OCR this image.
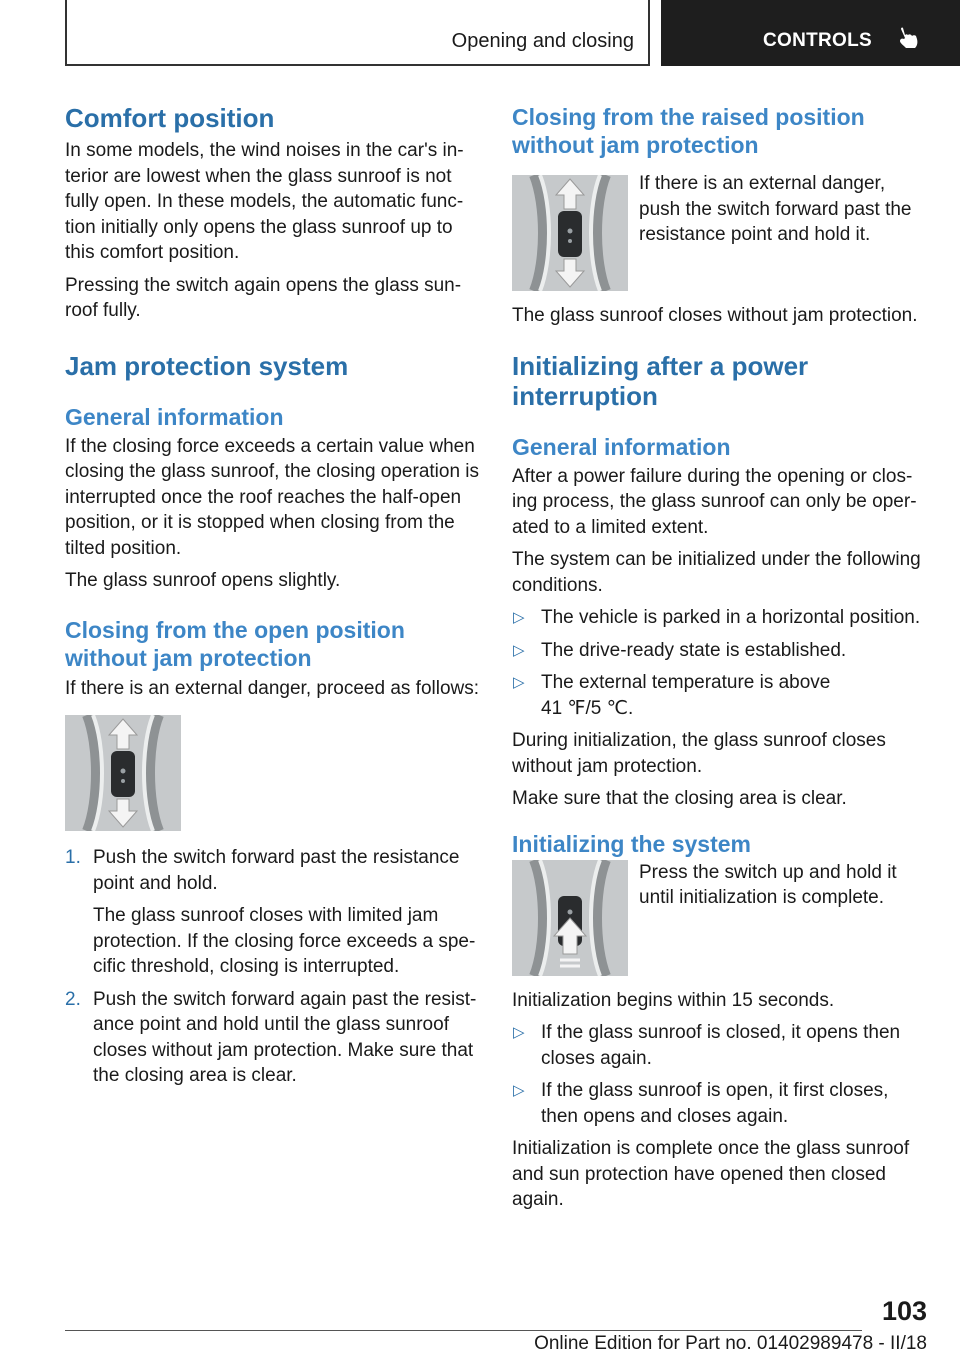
Opening and closing	CONTROLS
Comfort position

In some models, the wind noises in the car's interior are lowest when the glass sunroof is not fully open. In these models, the automatic function initially only opens the glass sunroof up to this comfort position.

Pressing the switch again opens the glass sunroof fully.

Jam protection system
General information

If the closing force exceeds a certain value when closing the glass sunroof, the closing operation is interrupted once the roof reaches the half-open position, or it is stopped when closing from the tilted position.

The glass sunroof opens slightly.

Closing from the open position without jam protection

If there is an external danger, proceed as follows:

1. Push the switch forward past the resistance point and hold.

The glass sunroof closes with limited jam protection. If the closing force exceeds a specific threshold, closing is interrupted.

2. Push the switch forward again past the resistance point and hold until the glass sunroof closes without jam protection. Make sure that the closing area is clear.

Closing from the raised position without jam protection

If there is an external danger, push the switch forward past the resistance point and hold it.

The glass sunroof closes without jam protection.

Initializing after a power interruption
General information

After a power failure during the opening or closing process, the glass sunroof can only be operated to a limited extent.

The system can be initialized under the following conditions.

▷ The vehicle is parked in a horizontal position.
▷ The drive-ready state is established.
▷ The external temperature is above 41 ℉/5 ℃.

During initialization, the glass sunroof closes without jam protection.

Make sure that the closing area is clear.

Initializing the system

Press the switch up and hold it until initialization is complete.

Initialization begins within 15 seconds.

▷ If the glass sunroof is closed, it opens then closes again.
▷ If the glass sunroof is open, it first closes, then opens and closes again.

Initialization is complete once the glass sunroof and sun protection have opened then closed again.

103
Online Edition for Part no. 01402989478 - II/18
